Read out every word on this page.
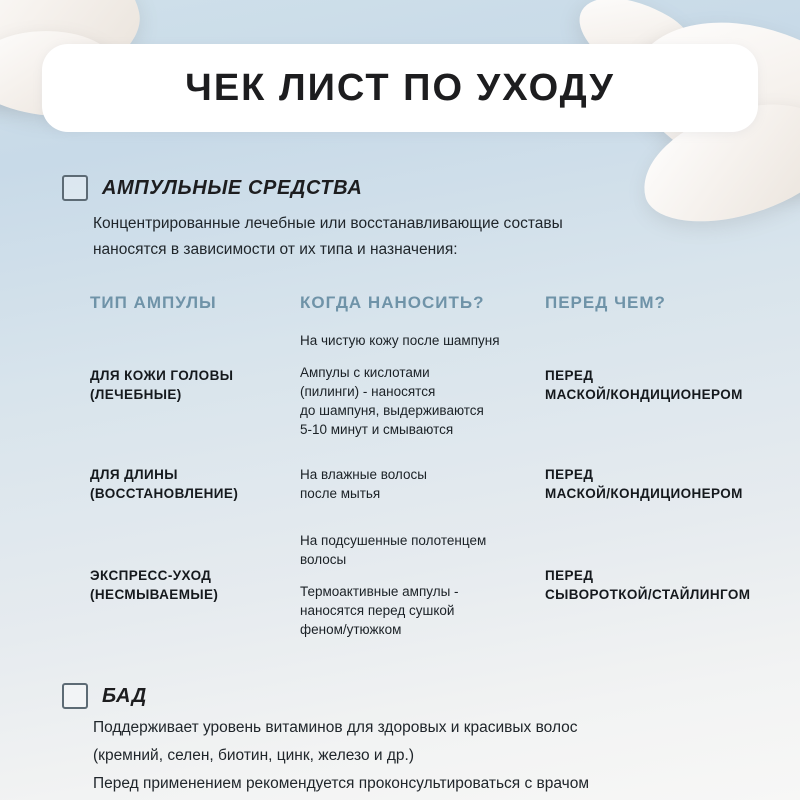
ЧЕК ЛИСТ ПО УХОДУ
АМПУЛЬНЫЕ СРЕДСТВА
Концентрированные лечебные или восстанавливающие составы
наносятся в зависимости от их типа и назначения:
ТИП АМПУЛЫ	КОГДА НАНОСИТЬ?	ПЕРЕД ЧЕМ?
ДЛЯ КОЖИ ГОЛОВЫ
(ЛЕЧЕБНЫЕ)

На чистую кожу после шампуня

Ампулы с кислотами
(пилинги) - наносятся
до шампуня, выдерживаются
5-10 минут и смываются

ПЕРЕД
МАСКОЙ/КОНДИЦИОНЕРОМ
ДЛЯ ДЛИНЫ
(ВОССТАНОВЛЕНИЕ)

На влажные волосы
после мытья

ПЕРЕД
МАСКОЙ/КОНДИЦИОНЕРОМ
ЭКСПРЕСС-УХОД
(НЕСМЫВАЕМЫЕ)

На подсушенные полотенцем
волосы

Термоактивные ампулы -
наносятся перед сушкой
феном/утюжком

ПЕРЕД
СЫВОРОТКОЙ/СТАЙЛИНГОМ
БАД

Поддерживает уровень витаминов для здоровых и красивых волос

(кремний, селен, биотин, цинк, железо и др.)

Перед применением рекомендуется проконсультироваться с врачом
